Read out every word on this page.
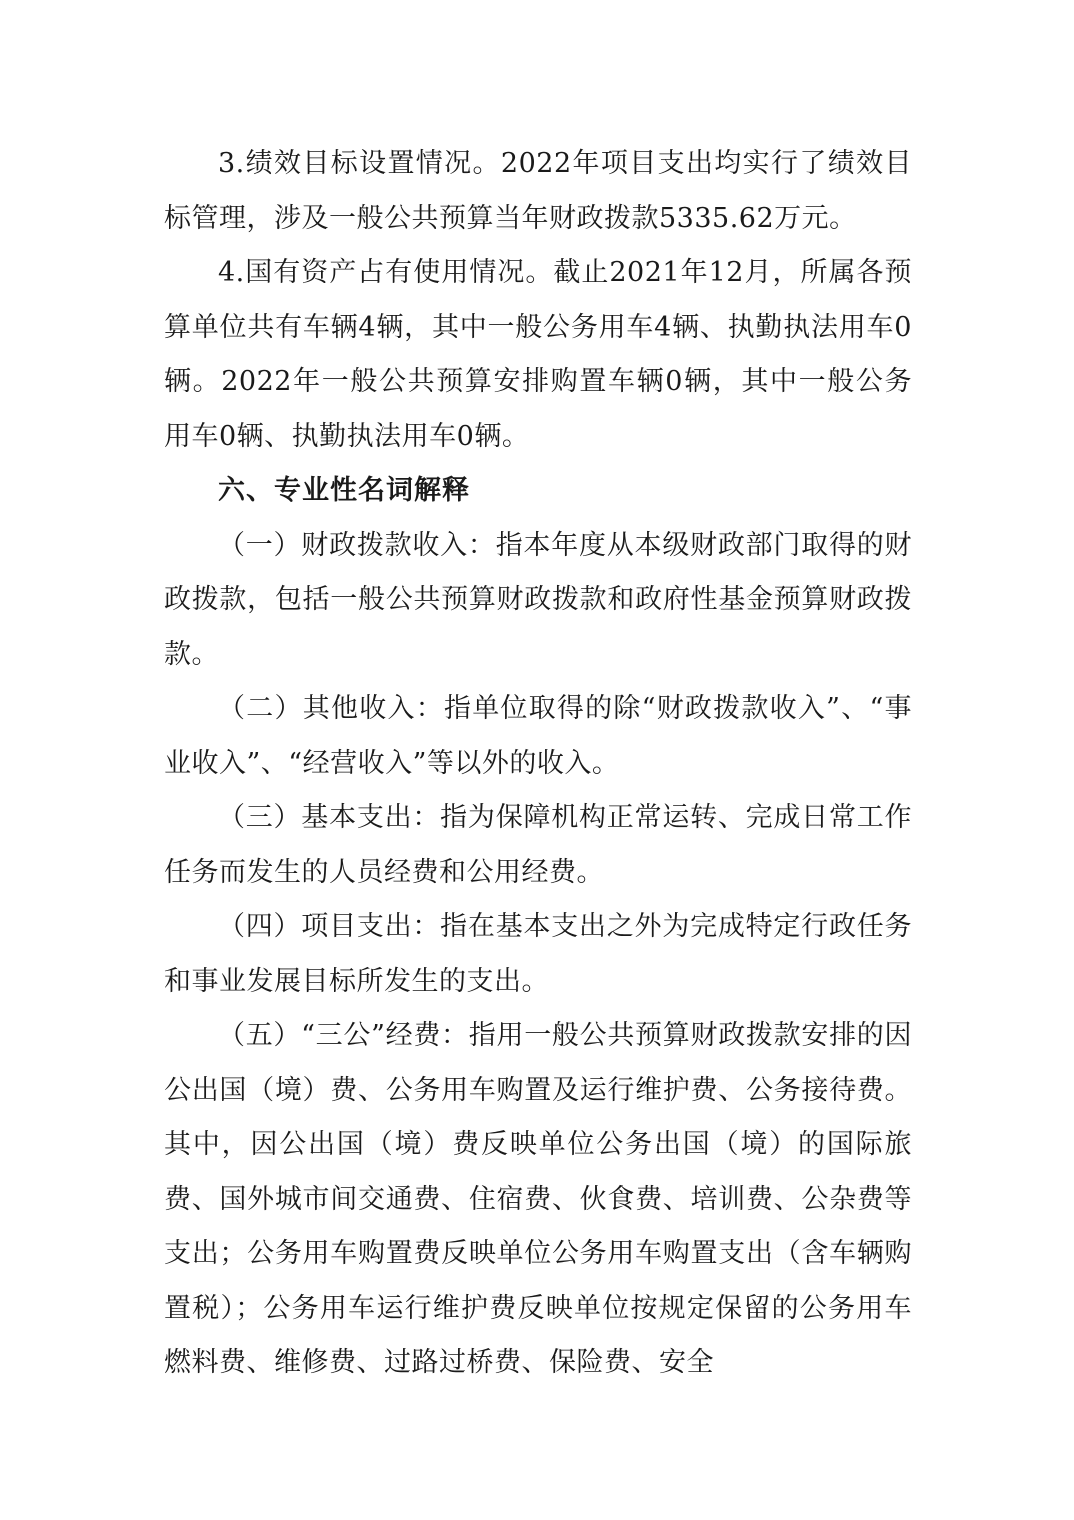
3.绩效目标设置情况。2022年项目支出均实行了绩效目标管理，涉及一般公共预算当年财政拨款5335.62万元。

4.国有资产占有使用情况。截止2021年12月，所属各预算单位共有车辆4辆，其中一般公务用车4辆、执勤执法用车0辆。2022年一般公共预算安排购置车辆0辆，其中一般公务用车0辆、执勤执法用车0辆。

六、专业性名词解释

（一）财政拨款收入：指本年度从本级财政部门取得的财政拨款，包括一般公共预算财政拨款和政府性基金预算财政拨款。

（二）其他收入：指单位取得的除“财政拨款收入”、“事业收入”、“经营收入”等以外的收入。

（三）基本支出：指为保障机构正常运转、完成日常工作任务而发生的人员经费和公用经费。

（四）项目支出：指在基本支出之外为完成特定行政任务和事业发展目标所发生的支出。

（五）“三公”经费：指用一般公共预算财政拨款安排的因公出国（境）费、公务用车购置及运行维护费、公务接待费。其中，因公出国（境）费反映单位公务出国（境）的国际旅费、国外城市间交通费、住宿费、伙食费、培训费、公杂费等支出；公务用车购置费反映单位公务用车购置支出（含车辆购置税）；公务用车运行维护费反映单位按规定保留的公务用车燃料费、维修费、过路过桥费、保险费、安全
